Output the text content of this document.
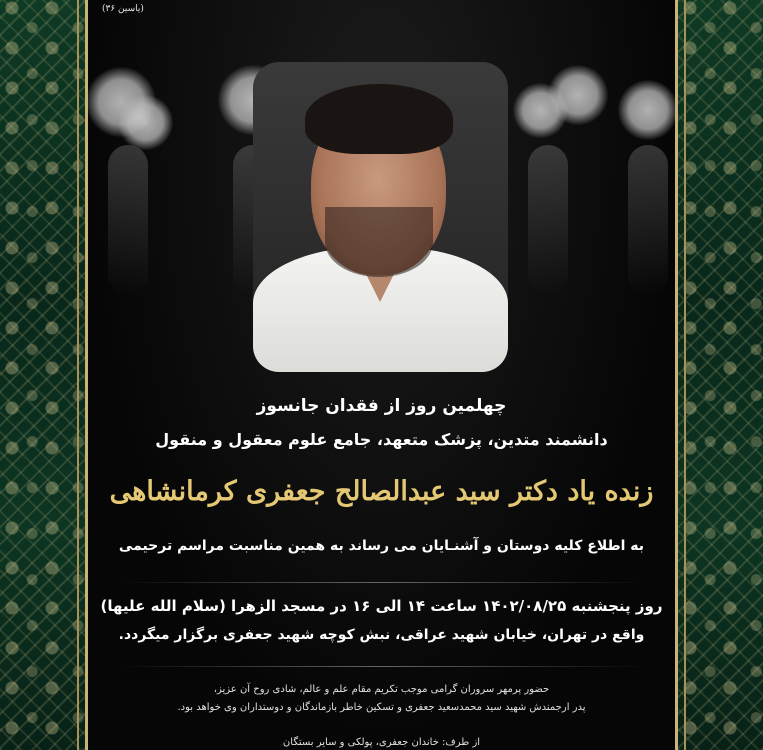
(یاسین ۳۶)
چهلمین روز از فقدان جانسوز
دانشمند متدین، پزشک متعهد، جامع علوم معقول و منقول
زنده یاد دکتر سید عبدالصالح جعفری کرمانشاهی
به اطلاع کلیه دوستان و آشنـایان می رساند به همین مناسبت مراسم ترحیمی
روز پنجشنبه ۱۴۰۲/۰۸/۲۵ ساعت ۱۴ الی ۱۶ در مسجد الزهرا (سلام الله علیها)
واقع در تهران، خیابان شهید عراقی، نبش کوچه شهید جعفری برگزار میگردد.
حضور پرمهر سروران گرامی موجب تکریم مقام علم و عالم، شادی روح آن عزیز،
پدر ارجمندش شهید سید محمدسعید جعفری و تسکین خاطر بازماندگان و دوستداران وی خواهد بود.
از طرف: خاندان جعفری، پولکی و سایر بستگان
